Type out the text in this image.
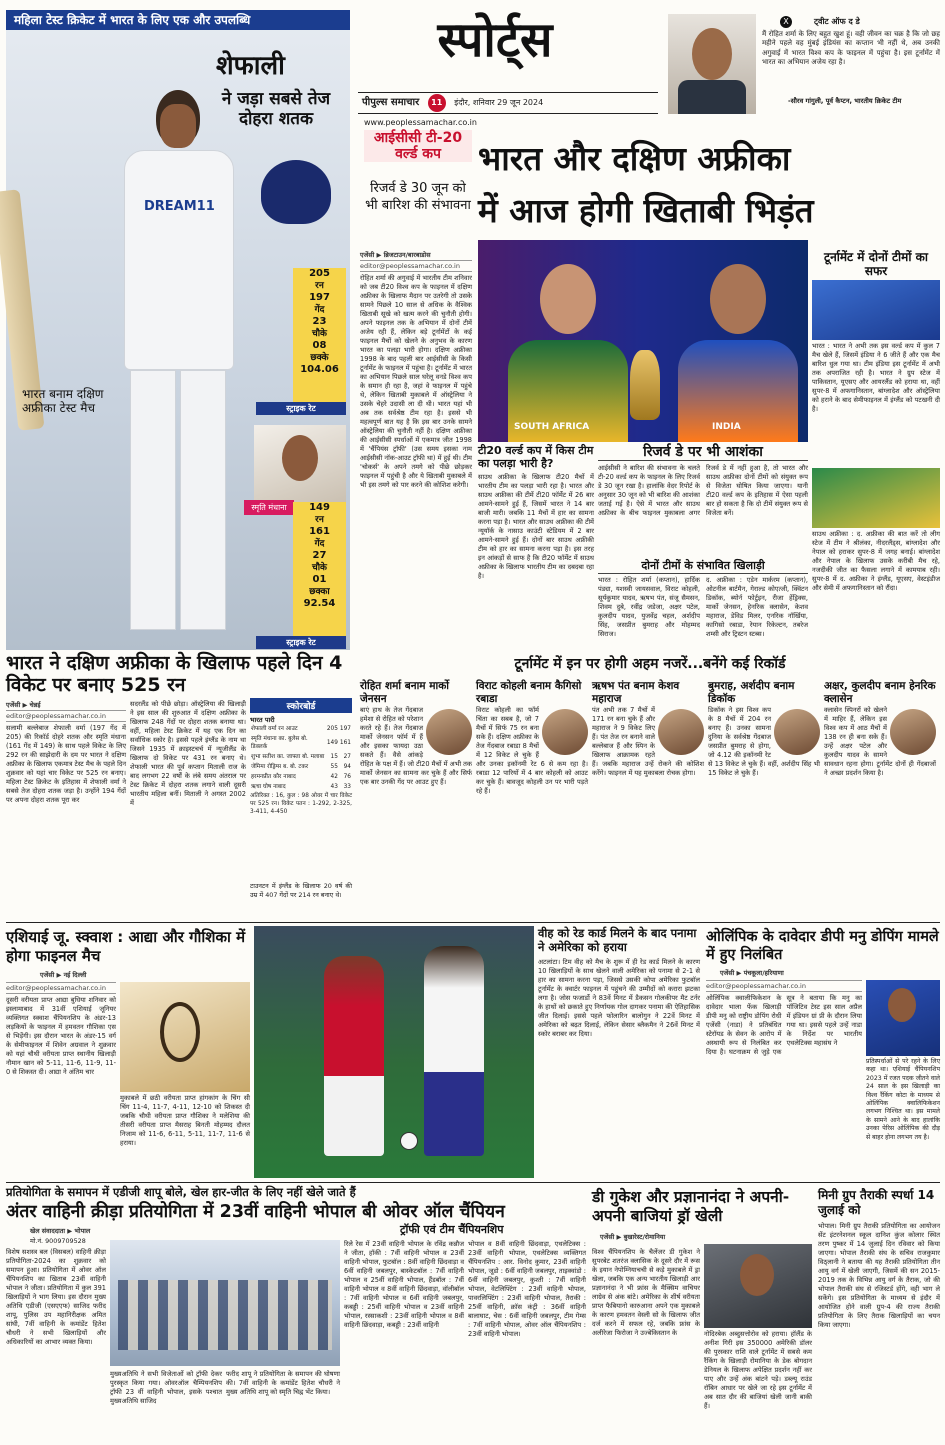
महिला टेस्ट क्रिकेट में भारत के लिए एक और उपलब्धि
शेफाली
ने जड़ा सबसे तेज दोहरा शतक
DREAM11
205
रन
197
गेंद
23
चौके
08
छक्के
104.06
स्ट्राइक रेट
भारत बनाम दक्षिण अफ्रीका टेस्ट मैच
स्मृति मंधाना	149
रन
161
गेंद
27
चौके
01
छक्का
92.54
स्ट्राइक रेट
स्पोर्ट्स
पीपुल्स समाचार 11 इंदौर, शनिवार 29 जून 2024 www.peoplessamachar.co.in
X	ट्वीट ऑफ द डे
मैं रोहित शर्मा के लिए बहुत खुश हूं। वही जीवन का चक्र है कि जो छह महीने पहले वह मुंबई इंडियंस का कप्तान भी नहीं थे, अब उनकी अगुवाई में भारत विश्व कप के फाइनल में पहुंचा है। इस टूर्नामेंट में भारत का अभियान अजेय रहा है।
-सौरव गांगुली, पूर्व कैप्टन, भारतीय क्रिकेट टीम
आईसीसी टी-20 वर्ल्ड कप
रिजर्व डे 30 जून को भी बारिश की संभावना
एजेंसी ▶ ब्रिजटाउन/बारबाडोस
editor@peoplessamachar.co.in
रोहित शर्मा की अगुवाई में भारतीय टीम शनिवार को जब टी20 विश्व कप के फाइनल में दक्षिण अफ्रीका के खिलाफ मैदान पर उतरेगी तो उसके सामने पिछले 10 साल से अधिक के वैश्विक खिताबी सूखे को खत्म करने की चुनौती होगी। अपने फाइनल तक के अभियान में दोनों टीमें अजेय रही हैं, लेकिन बड़े टूर्नामेंटों के कई फाइनल मैचों को खेलने के अनुभव के कारण भारत का पलड़ा भारी होगा। दक्षिण अफ्रीका 1998 के बाद पहली बार आईसीसी के किसी टूर्नामेंट के फाइनल में पहुंचा है। टूर्नामेंट में भारत का अभियान पिछले साल घरेलू वनडे विश्व कप के समान ही रहा है, जहां वे फाइनल में पहुंचे थे, लेकिन खिताबी मुकाबले में ऑस्ट्रेलिया ने उसके चेहरे उदासी ला दी थी। भारत यहां भी अब तक सर्वश्रेष्ठ टीम रहा है। इससे भी महत्वपूर्ण बात यह है कि इस बार उनके सामने ऑस्ट्रेलिया की चुनौती नहीं है। दक्षिण अफ्रीका की आईसीसी स्पर्धाओं में एकमात्र जीत 1998 में 'चैंपियंस ट्रॉफी' (उस समय इसका नाम आईसीसी नॉक-आउट ट्रॉफी था) में हुई थी। टीम 'चोकर्स' के अपने तमगे को पीछे छोड़कर फाइनल में पहुंची है और ये खिताबी मुकाबले में भी इस तमगे को पार करने की कोशिश करेगी।
भारत और दक्षिण अफ्रीका
में आज होगी खिताबी भिड़ंत
SOUTH AFRICA	INDIA
टी20 वर्ल्ड कप में किस टीम का पलड़ा भारी है?
साउथ अफ्रीका के खिलाफ टी20 मैचों में भारतीय टीम का पलड़ा भारी रहा है। भारत और साउथ अफ्रीका की टीमें टी20 फॉर्मेट में 26 बार आमने-सामने हुई हैं, जिसमें भारत ने 14 बार बाजी मारी। जबकि 11 मैचों में हार का सामना करना पड़ा है। भारत और साउथ अफ्रीका की टीमें न्यूयॉर्क के नासाउ काउंटी स्टेडियम में 2 बार आमने-सामने हुई हैं। दोनों बार साउथ अफ्रीकी टीम को हार का सामना करना पड़ा है। इस तरह इन आंकड़ों से साफ है कि टी20 फॉर्मेट में साउथ अफ्रीका के खिलाफ भारतीय टीम का दबदबा रहा है।
रिजर्व डे पर भी आशंका
आईसीसी ने बारिश की संभावना के चलते टी-20 वर्ल्ड कप के फाइनल के लिए रिजर्व डे 30 जून रखा है। हालांकि वेदर रिपोर्ट के अनुसार 30 जून को भी बारिश की आशंका जताई गई है। ऐसे में भारत और साउथ अफ्रीका के बीच फाइनल मुकाबला अगर रिजर्व डे में नहीं हुआ है, तो भारत और साउथ अफ्रीका दोनों टीमों को संयुक्त रूप से विजेता घोषित किया जाएगा। यानी टी20 वर्ल्ड कप के इतिहास में ऐसा पहली बार हो सकता है कि दो टीमें संयुक्त रूप से विजेता बनें।
दोनों टीमों के संभावित खिलाड़ी
भारत : रोहित शर्मा (कप्तान), हार्दिक पंड्या, यशस्वी जायसवाल, विराट कोहली, सूर्यकुमार यादव, ऋषभ पंत, संजू सैमसन, शिवम दुबे, रवींद्र जडेजा, अक्षर पटेल, कुलदीप यादव, युजवेंद्र चहल, अर्शदीप सिंह, जसप्रीत बुमराह और मोहम्मद सिराज।
द. अफ्रीका : एडेन मार्करम (कप्तान), ओटनील बार्टमैन, गेराल्ड कोएत्जी, क्विंटन डिकॉक, ब्योर्न फोर्टुइन, रीजा हेंड्रिक्स, मार्को जेनसन, हेनरिक क्लासेन, केशव महाराज, डेविड मिलर, एनरिक नॉर्खिया, कागिसो रबाडा, रेयान रिकेल्टन, तबरेज शम्सी और ट्रिस्टन स्टब्स।
टूर्नामेंट में दोनों टीमों का सफर
भारत : भारत ने अभी तक इस वर्ल्ड कप में कुल 7 मैच खेले हैं, जिसमें इंडिया ने 6 जीते हैं और एक मैच बारिश धुल गया था। टीम इंडिया इस टूर्नामेंट में अभी तक अपराजित रही है। भारत ने ग्रुप स्टेज में पाकिस्तान, यूएसए और आयरलैंड को हराया था, वहीं सुपर-8 में अफगानिस्तान, बांग्लादेश और ऑस्ट्रेलिया को हराने के बाद सेमीफाइनल में इंग्लैंड को पटखनी दी है।
साउथ अफ्रीका : द. अफ्रीका की बात करें तो लीग स्टेज में टीम ने श्रीलंका, नीदरलैंड्स, बांग्लादेश और नेपाल को हराकर सुपर-8 में जगह बनाई। बांग्लादेश और नेपाल के खिलाफ उसके करीबी मैच रहे, नजदीकी जीत का फैसला लगाने में कामयाब रही। सुपर-8 में द. अफ्रीका ने इंग्लैंड, यूएसए, वेस्टइंडीज और सेमी में अफगानिस्तान को रौंदा।
भारत ने दक्षिण अफ्रीका के खिलाफ पहले दिन 4 विकेट पर बनाए 525 रन
एजेंसी ▶ चेन्नई
editor@peoplessamachar.co.in
सलामी बल्लेबाज शेफाली वर्मा (197 गेंद में 205) की रिकॉर्ड दोहरे शतक और स्मृति मंधाना (161 गेंद में 149) के साथ पहले विकेट के लिए 292 रन की साझेदारी के दम पर भारत ने दक्षिण अफ्रीका के खिलाफ एकमात्र टेस्ट मैच के पहले दिन शुक्रवार को यहां चार विकेट पर 525 रन बनाए। महिला टेस्ट क्रिकेट के इतिहास में शेफाली वर्मा ने सबसे तेज दोहरा शतक जड़ा है। उन्होंने 194 गेंदों पर अपना दोहरा शतक पूरा कर
सदरलैंड को पीछे छोड़ा। ऑस्ट्रेलिया की खिलाड़ी ने इस साल की शुरुआत में दक्षिण अफ्रीका के खिलाफ 248 गेंदों पर दोहरा शतक बनाया था। वहीं, महिला टेस्ट क्रिकेट में यह एक दिन का सर्वाधिक स्कोर है। इससे पहले इंग्लैंड के नाम था जिसने 1935 में क्राइस्टचर्च में न्यूजीलैंड के खिलाफ दो विकेट पर 431 रन बनाए थे। शेफाली भारत की पूर्व कप्तान मिताली राज के बाद लगभग 22 वर्षों के लंबे समय अंतराल पर टेस्ट क्रिकेट में दोहरा शतक लगाने वाली दूसरी भारतीय महिला बनीं। मिताली ने अगस्त 2002 में
स्कोरबोर्ड
भारत पारी
शेफाली वर्मा रन आउट	205	197
स्मृति मंधाना का. बुलेस बो. डिक्लर्क	149	161
शुभा सतीश का. जाफ्ता बो. मलाबा	15	27
जेमिमा रोड्रिग्स ब. बो. टकर	55	94
हरमनप्रीत कौर नाबाद	42	76
ऋचा घोष नाबाद	43	33
अतिरिक्त : 16, कुल : 98 ओवर में चार विकेट पर 525 रन। विकेट पतन : 1-292, 2-325, 3-411, 4-450
टाउनटन में इंग्लैंड के खिलाफ 20 वर्ष की उम्र में 407 गेंदों पर 214 रन बनाए थे।
टूर्नामेंट में इन पर होगी अहम नजरें...बनेंगे कई रिकॉर्ड
रोहित शर्मा बनाम मार्को जेनसन
बाएं हाथ के तेज गेंदबाज हमेशा से रोहित को परेशान करते रहे हैं। तेज गेंदबाज मार्को जेनसन फॉर्म में हैं और इसका फायदा उठा सकते हैं। वैसे आंकड़े रोहित के पक्ष में हैं। जो टी20 मैचों में अभी तक मार्को जेनसन का सामना कर चुके हैं और सिर्फ एक बार उनकी गेंद पर आउट हुए हैं।
विराट कोहली बनाम कैगिसो रबाडा
विराट कोहली का फॉर्म चिंता का सबब है, जो 7 मैचों में सिर्फ 75 रन बना सके हैं। दक्षिण अफ्रीका के तेज गेंदबाज रबाडा 8 मैचों में 12 विकेट ले चुके हैं और उनका इकॉनमी रेट 6 से कम रहा है। रबाडा 12 पारियों में 4 बार कोहली को आउट कर चुके हैं। बावजूद कोहली उन पर भारी पड़ते रहे हैं।
ऋषभ पंत बनाम केशव महाराज
पंत अभी तक 7 मैचों में 171 रन बना चुके हैं और महाराज ने 9 विकेट लिए हैं। पंत तेज रन बनाने वाले बल्लेबाज हैं और स्पिन के खिलाफ आक्रामक रहते हैं। जबकि महाराज उन्हें रोकने की कोशिश करेंगे। फाइनल में यह मुकाबला रोचक होगा।
बुमराह, अर्शदीप बनाम डिकॉक
डिकॉक ने इस विश्व कप के 8 मैचों में 204 रन बनाए हैं। उनका सामना दुनिया के सर्वश्रेष्ठ गेंदबाज जसप्रीत बुमराह से होगा, जो 4.12 की इकॉनमी रेट से 13 विकेट ले चुके हैं। वहीं, अर्शदीप सिंह भी 15 विकेट ले चुके हैं।
अक्षर, कुलदीप बनाम हेनरिक क्लासेन
क्लासेन स्पिनरों को खेलने में माहिर हैं, लेकिन इस विश्व कप में आठ मैचों में 138 रन ही बना सके हैं। उन्हें अक्षर पटेल और कुलदीप यादव के सामने सावधान रहना होगा। टूर्नामेंट दोनों ही गेंदबाजों ने अच्छा प्रदर्शन किया है।
एशियाई जू. स्क्वाश : आद्या और गौशिका में होगा फाइनल मैच
एजेंसी ▶ नई दिल्ली
editor@peoplessamachar.co.in
दूसरी वरीयता प्राप्त आद्या बुधिया शनिवार को इस्लामाबाद में 31वीं एशियाई जूनियर व्यक्तिगत स्क्वाश चैंपियनशिप के अंडर-13 लड़कियों के फाइनल में हमवतन गौशिका एस से भिड़ेंगी। इस दौरान भारत के अंडर-15 वर्ग के सेमीफाइनल में शिवेन अग्रवाल ने शुक्रवार को यहां चौथी वरीयता प्राप्त स्थानीय खिलाड़ी नौमान खान को 5-11, 11-6, 11-9, 11-0 से शिकस्त दी। आद्या ने अंतिम चार
मुकाबले में छठी वरीयता प्राप्त हांगकांग के चिंग सी चिंग 11-4, 11-7, 4-11, 12-10 को शिकस्त दी जबकि चौथी वरीयता प्राप्त गौशिका ने मलेशिया की तीसरी वरीयता प्राप्त मैसराह बिनती मोहम्मद दौलत निजाम को 11-6, 6-11, 5-11, 11-7, 11-6 से हराया।
वीह को रेड कार्ड मिलने के बाद पनामा ने अमेरिका को हराया
अटलांटा। टिम वीह को मैच के शुरू में ही रेड कार्ड मिलने के कारण 10 खिलाड़ियों के साथ खेलने वाली अमेरिका को पनामा से 2-1 से हार का सामना करना पड़ा, जिससे उसकी कोपा अमेरिका फुटबॉल टूर्नामेंट के क्वार्टर फाइनल में पहुंचने की उम्मीदों को करारा झटका लगा है। जोस फजार्डो ने 83वें मिनट में डैकसन गोलकीपर मैट टर्नर के हाथों को छकाते हुए निर्णायक गोल दागकर पनामा की ऐतिहासिक जीत दिलाई। इससे पहले फोलारिन बालोगुन ने 22वें मिनट में अमेरिका को बढ़त दिलाई, लेकिन सेसार ब्लैकमैन ने 26वें मिनट में स्कोर बराबर कर दिया।
ओलिंपिक के दावेदार डीपी मनु डोपिंग मामले में हुए निलंबित
एजेंसी ▶ पंचकूला/हरियाणा
editor@peoplessamachar.co.in
ओलिंपिक क्वालीफिकेशन के दावेदार भाला फेंक खिलाड़ी डीपी मनु को राष्ट्रीय डोपिंग रोधी एजेंसी (नाडा) ने प्रतिबंधित स्टेरॉयड के सेवन के आरोप में अस्थायी रूप से निलंबित कर दिया है। घटनाक्रम से जुड़े एक सूत्र ने बताया कि मनु का पॉजिटिव टेस्ट इस साल अप्रैल में इंडियन ग्रां प्री के दौरान लिया गया था। इससे पहले उन्हें नाडा के निर्देश पर भारतीय एथलेटिक्स महासंघ ने
प्रतिस्पर्धाओं से परे रहने के लिए कहा था। एशियाई चैंपियनशिप 2023 में रजत पदक जीतने वाले 24 साल के इस खिलाड़ी का विश्व रैंकिंग कोटा के माध्यम से ओलिंपिक क्वालिफिकेशन लगभग निश्चित था। इस मामले के सामने आने के बाद हालांकि उनका पेरिस ओलिंपिक की दौड़ से बाहर होना लगभग तय है।
प्रतियोगिता के समापन में एडीजी शापू बोले, खेल हार-जीत के लिए नहीं खेले जाते हैं
अंतर वाहिनी क्रीड़ा प्रतियोगिता में 23वीं वाहिनी भोपाल बी ओवर ऑल चैंपियन
खेल संवाददाता ▶ भोपाल
मो.नं. 9009709528
ट्रॉफी एवं टीम चैंपियनशिप
विशेष सशस्त्र बल (विसबल) वाहिनी क्रीड़ा प्रतियोगिता-2024 का शुक्रवार को समापन हुआ। प्रतियोगिता में ओवर ऑल चैंपियनशिप का खिताब 23वीं वाहिनी भोपाल ने जीता। प्रतियोगिता में कुल 391 खिलाड़ियों ने भाग लिया। इस दौरान मुख्य अतिथि एडीजी (एसएएफ) साजिद फरीद शापू, पुलिस उप महानिरीक्षक अमित सांघी, 7वीं वाहिनी के कमांडेंट हितेश चौधरी ने सभी खिलाड़ियों और अधिकारियों का आभार व्यक्त किया।
मुख्यअतिथि ने सभी विजेताओं को ट्रॉफी देकर पुरस्कृत किया गया। ओवरऑल चैम्पियनशिप ट्रॉफी 23 वीं वाहिनी भोपाल, इसके पश्चात मुख्यअतिथि साजिद
फरीद शापू ने प्रतियोगिता के समापन की घोषणा की। 7वीं वाहिनी के कमांडेंट हितेश चौधरी ने मुख्य अतिथि शापू को स्मृति चिह्न भेंट किया।
रिले रेस में 23वीं वाहिनी भोपाल के रविंद्र कन्नौज ने जीता, हॉकी : 7वीं वाहिनी भोपाल व 23वीं वाहिनी भोपाल, फुटबॉल : 8वीं वाहिनी छिंदवाड़ा व 6वीं वाहिनी जबलपुर, बास्केटबॉल : 7वीं वाहिनी भोपाल व 25वीं वाहिनी भोपाल, हैंडबॉल : 7वीं वाहिनी भोपाल व 8वीं वाहिनी छिंदवाड़ा, वॉलीबॉल : 7वीं वाहिनी भोपाल व 6वीं वाहिनी जबलपुर, कबड्डी : 25वीं वाहिनी भोपाल व 23वीं वाहिनी भोपाल, रस्साकशी : 23वीं वाहिनी भोपाल व 8वीं वाहिनी छिंदवाड़ा, कबड्डी : 23वीं वाहिनी
भोपाल व 8वीं वाहिनी छिंदवाड़ा, एथलेटिक्स : 23वीं वाहिनी भोपाल, एथलेटिक्स व्यक्तिगत चैंपियनशिप : आर. विनोद कुमार, 23वीं वाहिनी भोपाल, जूडो : 6वीं वाहिनी जबलपुर, ताइक्वांडो : 6वीं वाहिनी जबलपुर, कुश्ती : 7वीं वाहिनी भोपाल, वेटलिफ्टिंग : 23वीं वाहिनी भोपाल, पावरलिफ्टिंग : 23वीं वाहिनी भोपाल, तैराकी : 25वीं वाहिनी, क्रॉस कंट्री : 36वीं वाहिनी बालाघाट, चेस : 6वीं वाहिनी जबलपुर, टीम गेम्स : 7वीं वाहिनी भोपाल, ओवर ऑल चैंपियनशिप : 23वीं वाहिनी भोपाल।
डी गुकेश और प्रज्ञानानंदा ने अपनी-अपनी बाजियां ड्रॉ खेली
एजेंसी ▶ बुखारेस्ट/रोमानिया
विश्व चैंपियनशिप के चैलेंजर डी गुकेश ने सुपरबेट शतरंज क्लासिक के दूसरे दौर में रूस के इयान नेपोम्नियाचची से कड़े मुकाबले में ड्रा खेला, जबकि एक अन्य भारतीय खिलाड़ी आर प्रज्ञानानंदा ने भी फ्रांस के मैक्सिम वाचियर लाग्रेव से अंक बांटे। अमेरिका के शीर्ष वरीयता प्राप्त फैबियानो कारुआना अपने एक मुकाबले के कारण हमवतन वेस्ली सो के खिलाफ जीत दर्ज करने में सफल रहे, जबकि फ्रांस के अलीरेजा फिरोजा ने उज्बेकिस्तान के	नोदिरबेक अब्दुसत्तोरोव को हराया। हॉलैंड के अनीश गिरी इस 350000 अमेरिकी डॉलर की पुरस्कार राशि वाले टूर्नामेंट में सबसे कम रैंकिंग के खिलाड़ी रोमानिया के डेक बोगदान डेनियल के खिलाफ अपेक्षित प्रदर्शन नहीं कर पाए और उन्हें अंक बांटने पड़े। डब्ल्यू राउंड रॉबिन आधार पर खेले जा रहे इस टूर्नामेंट में अब सात दौर की बाजियां खेली जानी बाकी हैं।
मिनी ग्रुप तैराकी स्पर्धा 14 जुलाई को
भोपाल। मिनी ग्रुप तैराकी प्रतियोगिता का आयोजन सेंट इंटरनेशनल स्कूल दानिश कुंज कोलार स्थित तरण पुष्कर में 14 जुलाई दिन रविवार को किया जाएगा। भोपाल तैराकी संघ के सचिव राजकुमार विठ्लानी ने बताया की यह तैराकी प्रतियोगिता तीन आयु वर्ग में खेली जाएगी, जिसमें की सन 2015-2019 तक के विभिन्न आयु वर्ग के तैराक, जो की भोपाल तैराकी संघ से रजिस्टर्ड होंगे, वही भाग ले सकेंगे। इस प्रतियोगिता के माध्यम से इंदौर में आयोजित होने वाली ग्रुप-4 की राज्य तैराकी प्रतियोगिता के लिए तैराक खिलाड़ियों का चयन किया जाएगा।
